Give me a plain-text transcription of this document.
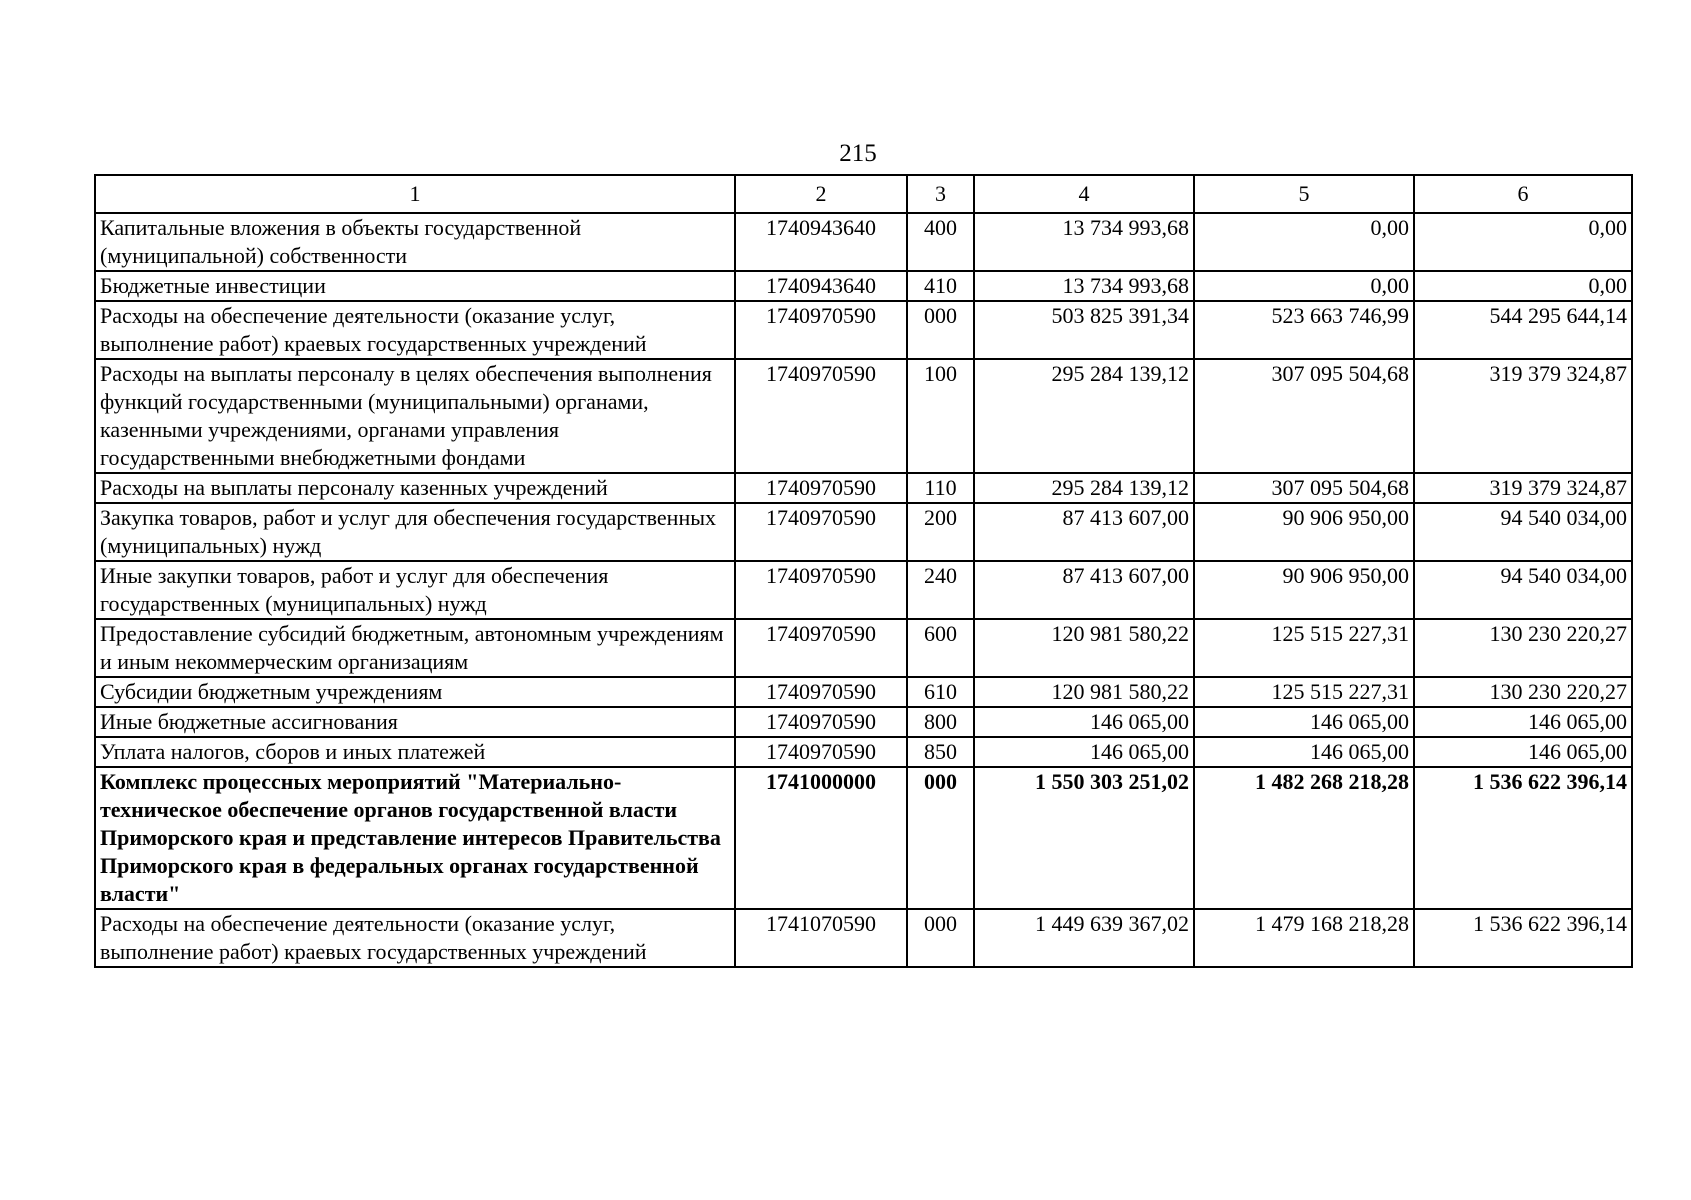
215
1	2	3	4	5	6
Капитальные вложения в объекты государственной (муниципальной) собственности	1740943640	400	13 734 993,68	0,00	0,00
Бюджетные инвестиции	1740943640	410	13 734 993,68	0,00	0,00
Расходы на обеспечение деятельности (оказание услуг, выполнение работ) краевых государственных учреждений	1740970590	000	503 825 391,34	523 663 746,99	544 295 644,14
Расходы на выплаты персоналу в целях обеспечения выполнения функций государственными (муниципальными) органами, казенными учреждениями, органами управления государственными внебюджетными фондами	1740970590	100	295 284 139,12	307 095 504,68	319 379 324,87
Расходы на выплаты персоналу казенных учреждений	1740970590	110	295 284 139,12	307 095 504,68	319 379 324,87
Закупка товаров, работ и услуг для обеспечения государственных (муниципальных) нужд	1740970590	200	87 413 607,00	90 906 950,00	94 540 034,00
Иные закупки товаров, работ и услуг для обеспечения государственных (муниципальных) нужд	1740970590	240	87 413 607,00	90 906 950,00	94 540 034,00
Предоставление субсидий бюджетным, автономным учреждениям и иным некоммерческим организациям	1740970590	600	120 981 580,22	125 515 227,31	130 230 220,27
Субсидии бюджетным учреждениям	1740970590	610	120 981 580,22	125 515 227,31	130 230 220,27
Иные бюджетные ассигнования	1740970590	800	146 065,00	146 065,00	146 065,00
Уплата налогов, сборов и иных платежей	1740970590	850	146 065,00	146 065,00	146 065,00
Комплекс процессных мероприятий "Материально-техническое обеспечение органов государственной власти Приморского края и представление интересов Правительства Приморского края в федеральных органах государственной власти"	1741000000	000	1 550 303 251,02	1 482 268 218,28	1 536 622 396,14
Расходы на обеспечение деятельности (оказание услуг, выполнение работ) краевых государственных учреждений	1741070590	000	1 449 639 367,02	1 479 168 218,28	1 536 622 396,14
